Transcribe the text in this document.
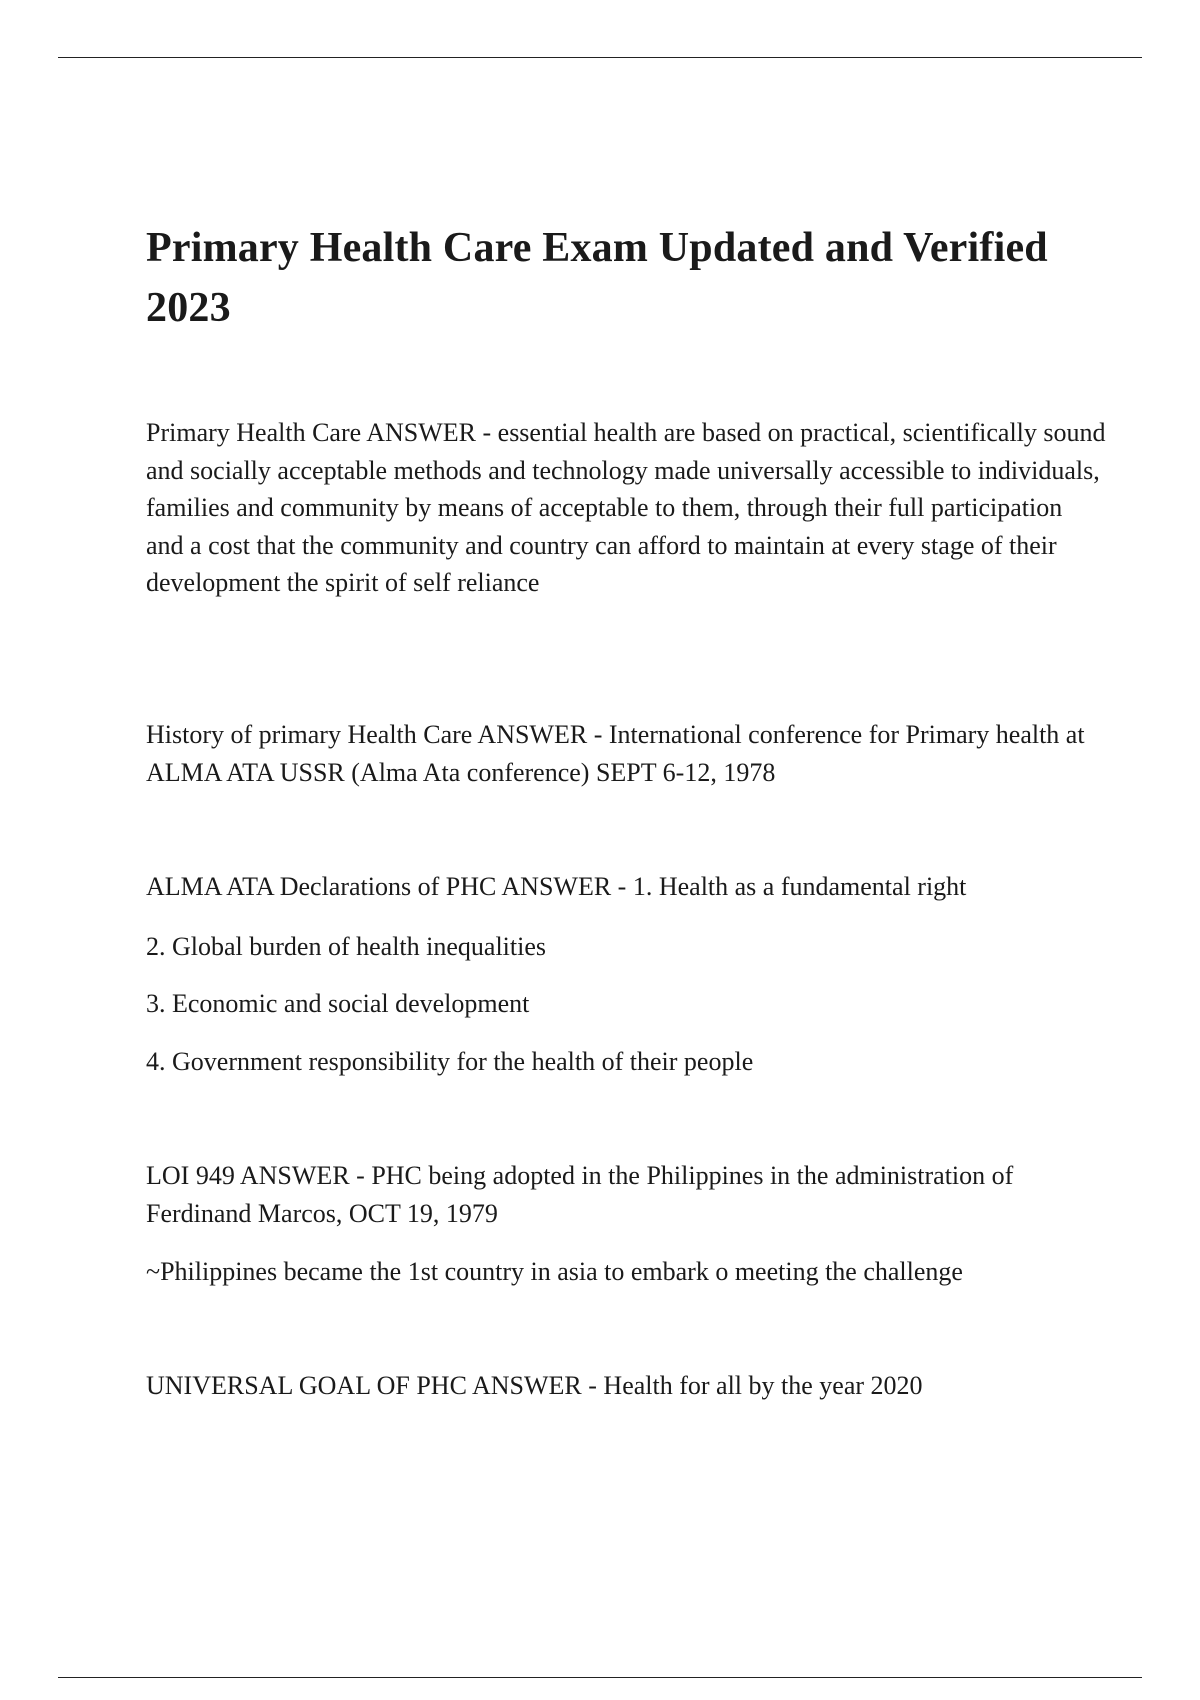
Primary Health Care Exam Updated and Verified 2023

Primary Health Care ANSWER - essential health are based on practical, scientifically sound and socially acceptable methods and technology made universally accessible to individuals, families and community by means of acceptable to them, through their full participation and a cost that the community and country can afford to maintain at every stage of their development the spirit of self reliance

History of primary Health Care ANSWER - International conference for Primary health at ALMA ATA USSR (Alma Ata conference) SEPT 6-12, 1978

ALMA ATA Declarations of PHC ANSWER - 1. Health as a fundamental right

2. Global burden of health inequalities

3. Economic and social development

4. Government responsibility for the health of their people

LOI 949 ANSWER - PHC being adopted in the Philippines in the administration of Ferdinand Marcos, OCT 19, 1979

~Philippines became the 1st country in asia to embark o meeting the challenge

UNIVERSAL GOAL OF PHC ANSWER - Health for all by the year 2020
